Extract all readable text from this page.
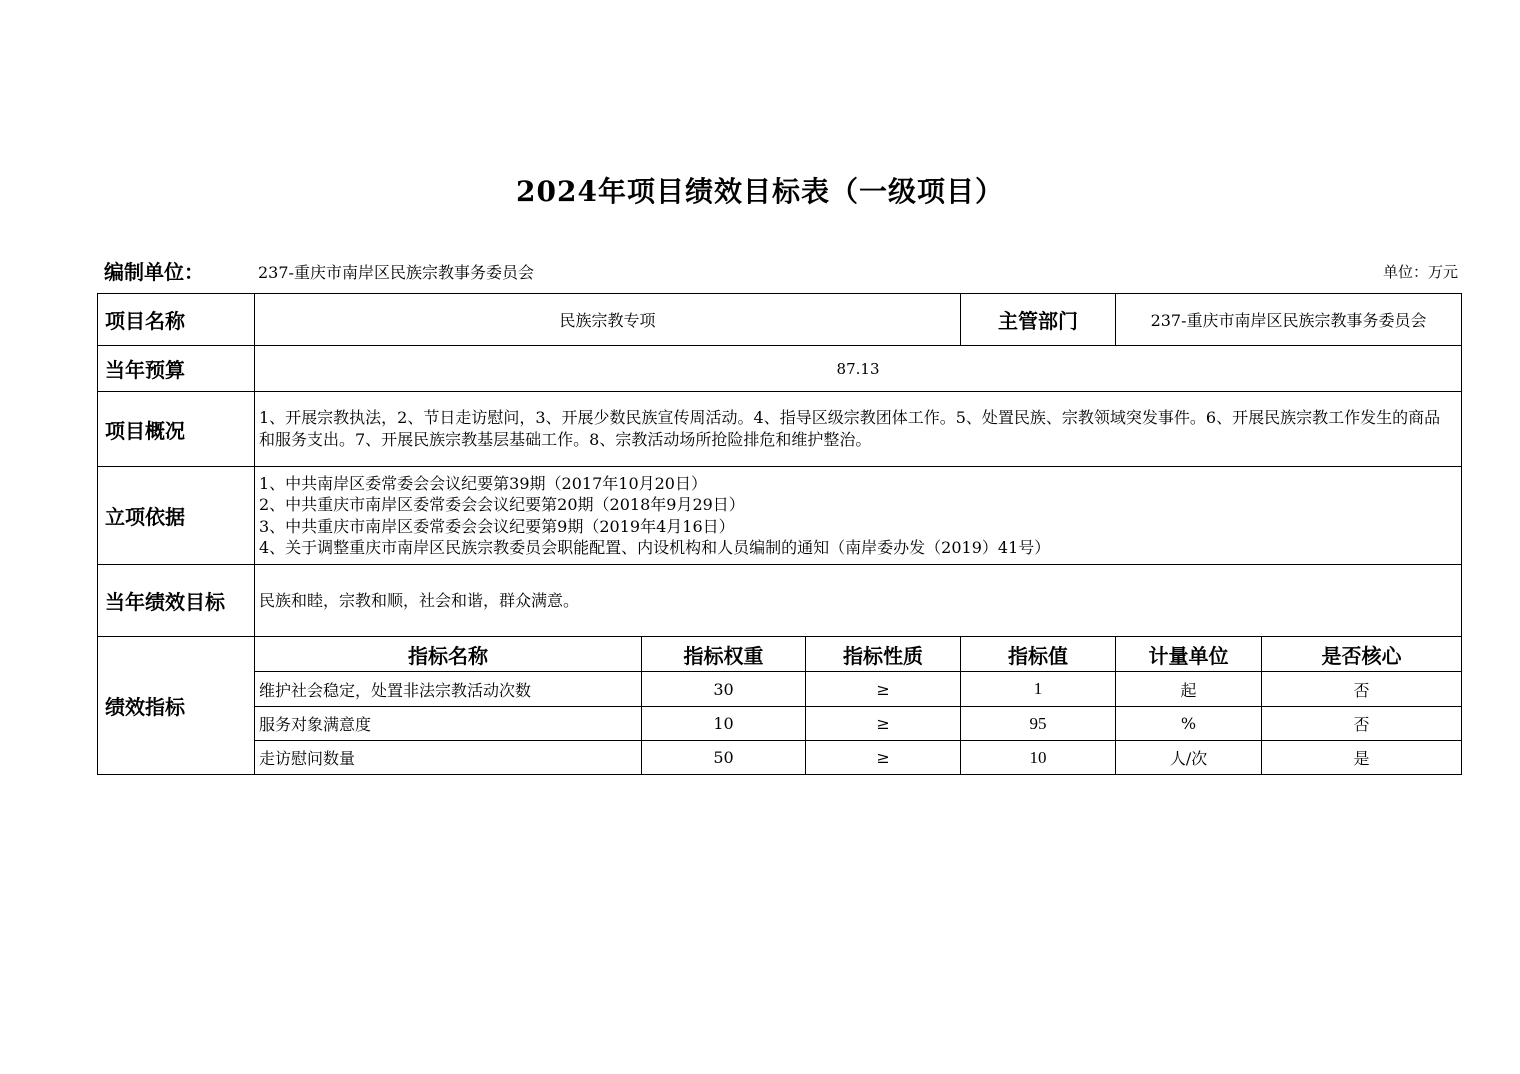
2024年项目绩效目标表（一级项目）
编制单位：	237-重庆市南岸区民族宗教事务委员会	单位：万元
项目名称	民族宗教专项			主管部门	237-重庆市南岸区民族宗教事务委员会	
当年预算	87.13					
项目概况	1、开展宗教执法，2、节日走访慰问，3、开展少数民族宣传周活动。4、指导区级宗教团体工作。5、处置民族、宗教领域突发事件。6、开展民族宗教工作发生的商品和服务支出。7、开展民族宗教基层基础工作。8、宗教活动场所抢险排危和维护整治。					
立项依据	1、中共南岸区委常委会会议纪要第39期（2017年10月20日）
2、中共重庆市南岸区委常委会会议纪要第20期（2018年9月29日）
3、中共重庆市南岸区委常委会会议纪要第9期（2019年4月16日）
4、关于调整重庆市南岸区民族宗教委员会职能配置、内设机构和人员编制的通知（南岸委办发（2019）41号）					

当年绩效目标	民族和睦，宗教和顺，社会和谐，群众满意。					
绩效指标	指标名称	指标权重	指标性质	指标值	计量单位	是否核心
	维护社会稳定，处置非法宗教活动次数	30	≥	1	起	否
	服务对象满意度	10	≥	95	%	否
	走访慰问数量	50	≥	10	人/次	是
